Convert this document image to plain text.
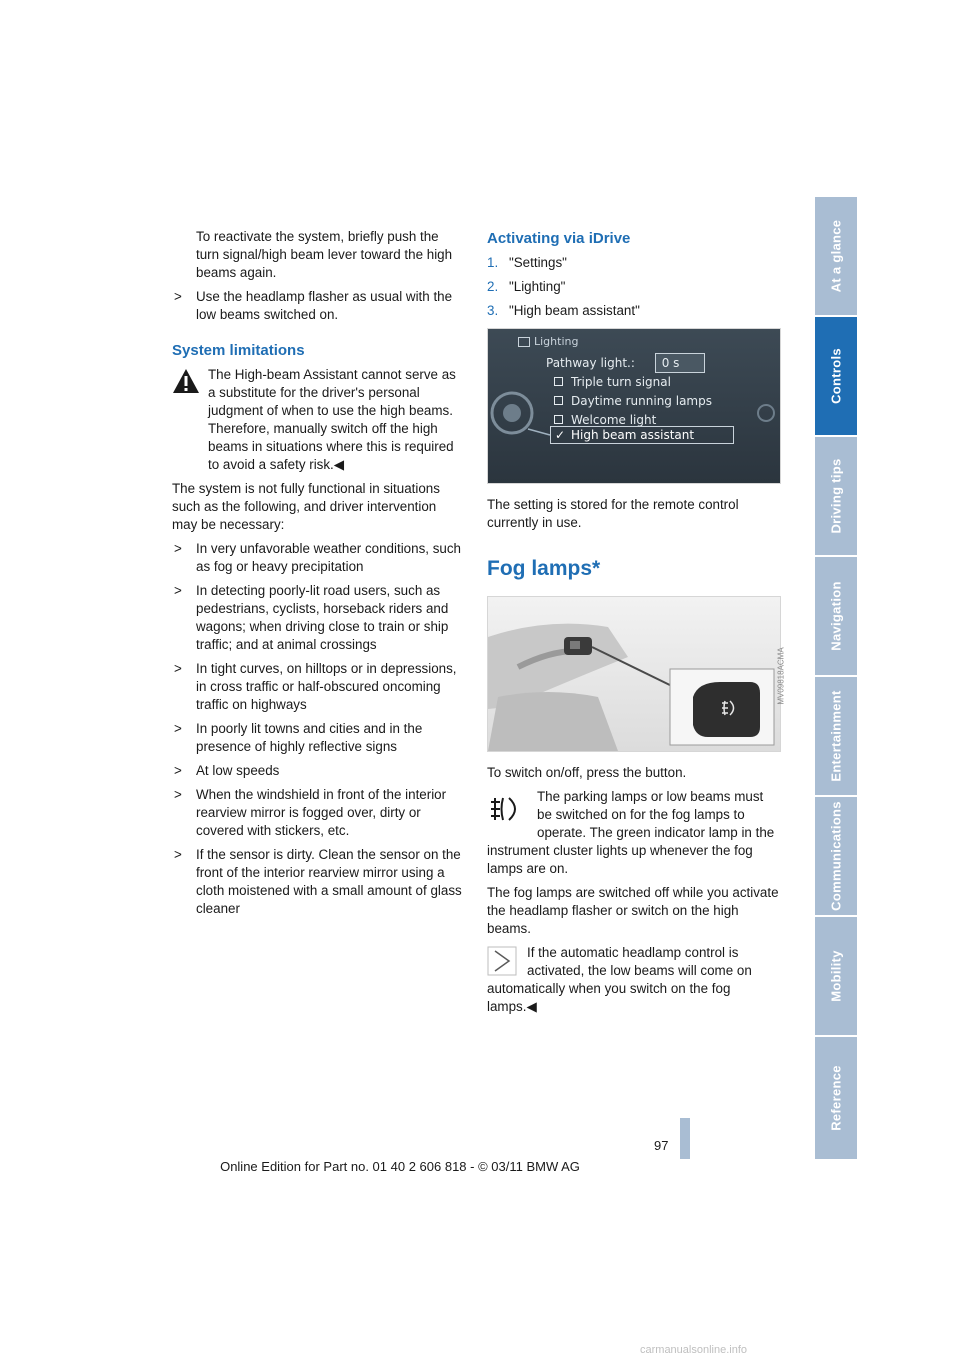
To reactivate the system, briefly push the turn signal/high beam lever toward the high beams again.

> Use the headlamp flasher as usual with the low beams switched on.
System limitations

The High-beam Assistant cannot serve as a substitute for the driver's personal judgment of when to use the high beams. Therefore, manually switch off the high beams in situations where this is required to avoid a safety risk.◀

The system is not fully functional in situations such as the following, and driver intervention may be necessary:

> In very unfavorable weather conditions, such as fog or heavy precipitation
> In detecting poorly-lit road users, such as pedestrians, cyclists, horseback riders and wagons; when driving close to train or ship traffic; and at animal crossings
> In tight curves, on hilltops or in depressions, in cross traffic or half-obscured oncoming traffic on highways
> In poorly lit towns and cities and in the presence of highly reflective signs
> At low speeds
> When the windshield in front of the interior rearview mirror is fogged over, dirty or covered with stickers, etc.
> If the sensor is dirty. Clean the sensor on the front of the interior rearview mirror using a cloth moistened with a small amount of glass cleaner
Activating via iDrive
1. "Settings"
2. "Lighting"
3. "High beam assistant"
Lighting
Pathway light.: 0 s
Triple turn signal
Daytime running lamps
Welcome light
✓ High beam assistant

The setting is stored for the remote control currently in use.

Fog lamps*
MV09818ACMA

To switch on/off, press the button.

The parking lamps or low beams must be switched on for the fog lamps to operate. The green indicator lamp in the instrument cluster lights up whenever the fog lamps are on.

The fog lamps are switched off while you activate the headlamp flasher or switch on the high beams.

If the automatic headlamp control is activated, the low beams will come on automatically when you switch on the fog lamps.◀

At a glance
Controls
Driving tips
Navigation
Entertainment
Communications
Mobility
Reference
97
Online Edition for Part no. 01 40 2 606 818 - © 03/11 BMW AG
carmanualsonline.info
